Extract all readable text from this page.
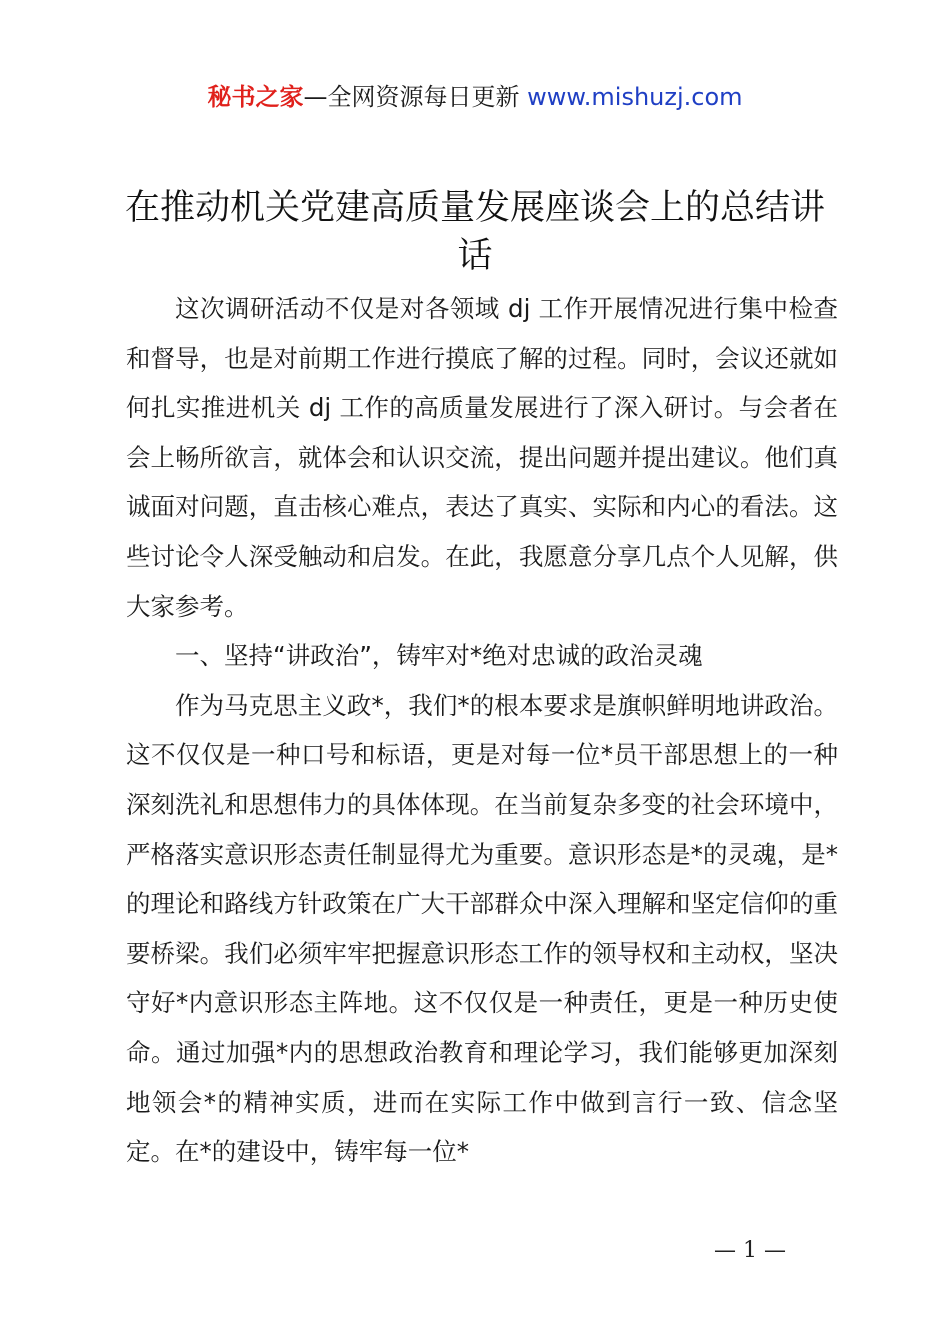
秘书之家—全网资源每日更新 www.mishuzj.com
在推动机关党建高质量发展座谈会上的总结讲话

这次调研活动不仅是对各领域 dj 工作开展情况进行集中检查和督导，也是对前期工作进行摸底了解的过程。同时，会议还就如何扎实推进机关 dj 工作的高质量发展进行了深入研讨。与会者在会上畅所欲言，就体会和认识交流，提出问题并提出建议。他们真诚面对问题，直击核心难点，表达了真实、实际和内心的看法。这些讨论令人深受触动和启发。在此，我愿意分享几点个人见解，供大家参考。

一、坚持“讲政治”，铸牢对*绝对忠诚的政治灵魂

作为马克思主义政*，我们*的根本要求是旗帜鲜明地讲政治。这不仅仅是一种口号和标语，更是对每一位*员干部思想上的一种深刻洗礼和思想伟力的具体体现。在当前复杂多变的社会环境中，严格落实意识形态责任制显得尤为重要。意识形态是*的灵魂，是*的理论和路线方针政策在广大干部群众中深入理解和坚定信仰的重要桥梁。我们必须牢牢把握意识形态工作的领导权和主动权，坚决守好*内意识形态主阵地。这不仅仅是一种责任，更是一种历史使命。通过加强*内的思想政治教育和理论学习，我们能够更加深刻地领会*的精神实质，进而在实际工作中做到言行一致、信念坚定。在*的建设中，铸牢每一位*

— 1 —
